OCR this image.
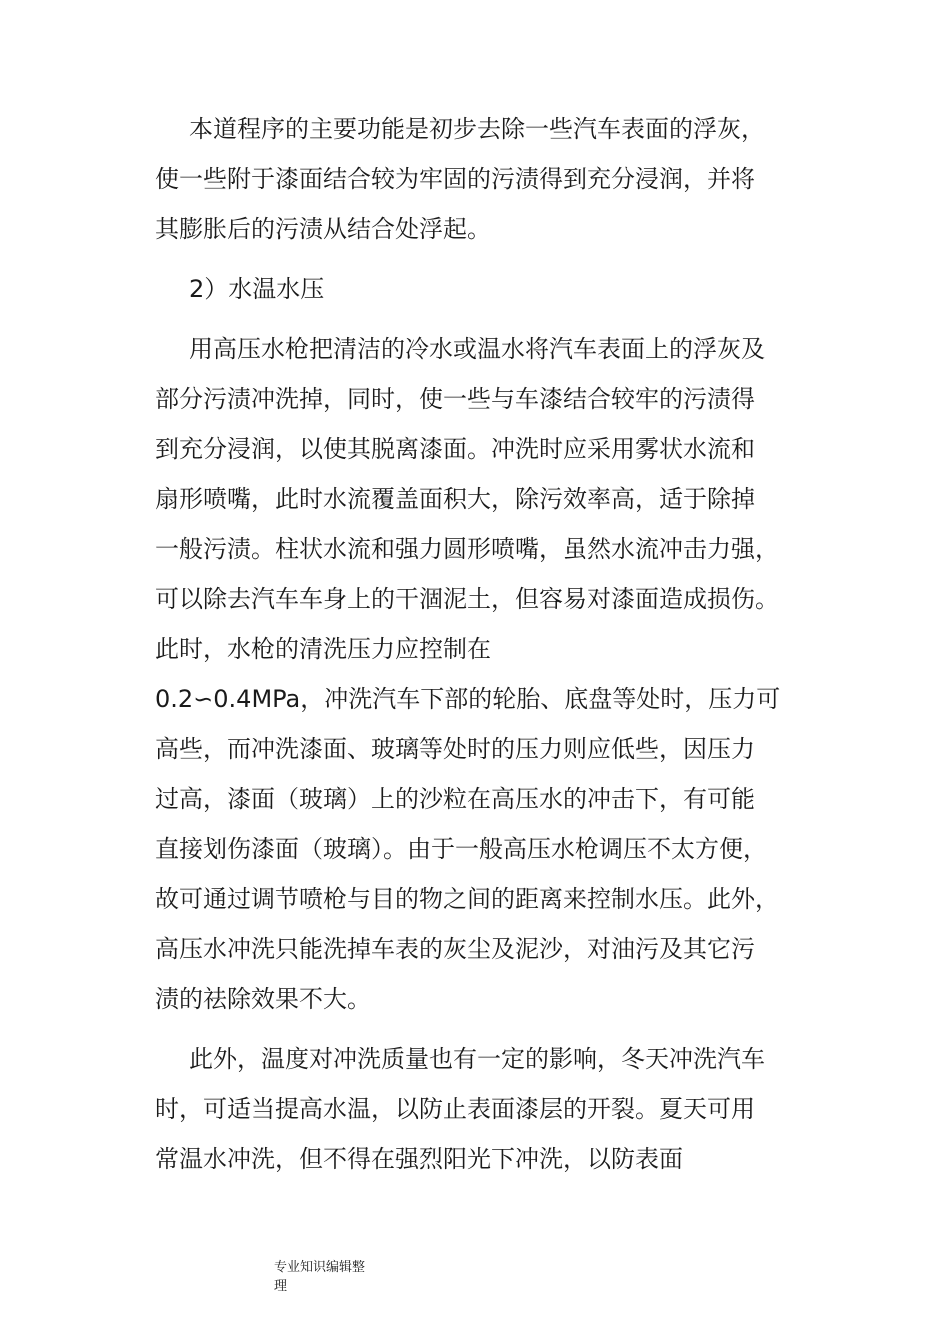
本道程序的主要功能是初步去除一些汽车表面的浮灰，
使一些附于漆面结合较为牢固的污渍得到充分浸润，并将
其膨胀后的污渍从结合处浮起。

2）水温水压

用高压水枪把清洁的冷水或温水将汽车表面上的浮灰及
部分污渍冲洗掉，同时，使一些与车漆结合较牢的污渍得
到充分浸润，以使其脱离漆面。冲洗时应采用雾状水流和
扇形喷嘴，此时水流覆盖面积大，除污效率高，适于除掉
一般污渍。柱状水流和强力圆形喷嘴，虽然水流冲击力强，
可以除去汽车车身上的干涸泥土，但容易对漆面造成损伤。
此时，水枪的清洗压力应控制在
0.2∽0.4MPa，冲洗汽车下部的轮胎、底盘等处时，压力可
高些，而冲洗漆面、玻璃等处时的压力则应低些，因压力
过高，漆面（玻璃）上的沙粒在高压水的冲击下，有可能
直接划伤漆面（玻璃）。由于一般高压水枪调压不太方便，
故可通过调节喷枪与目的物之间的距离来控制水压。此外，
高压水冲洗只能洗掉车表的灰尘及泥沙，对油污及其它污
渍的祛除效果不大。

此外，温度对冲洗质量也有一定的影响，冬天冲洗汽车
时，可适当提高水温，以防止表面漆层的开裂。夏天可用
常温水冲洗，但不得在强烈阳光下冲洗，以防表面

专业知识编辑整
理
